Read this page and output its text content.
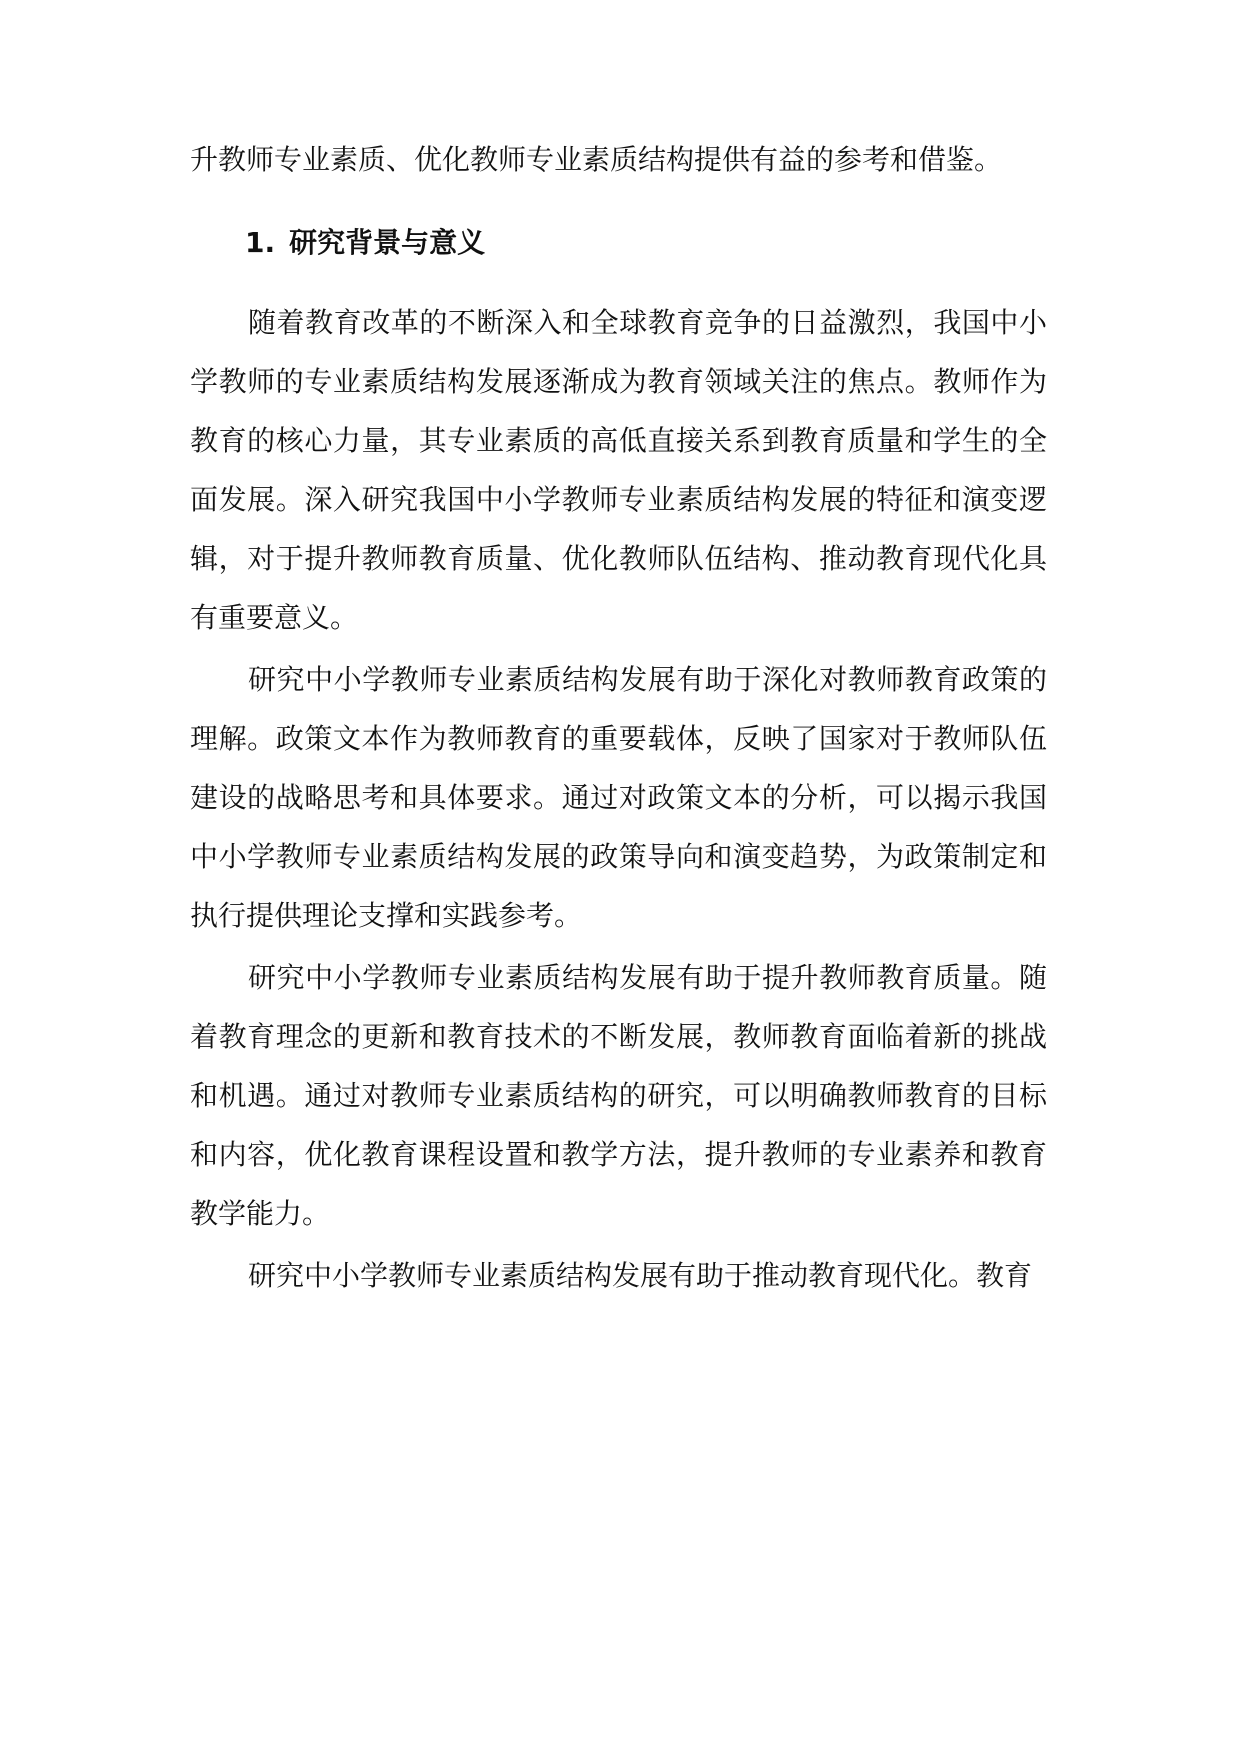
升教师专业素质、优化教师专业素质结构提供有益的参考和借鉴。

1. 研究背景与意义

随着教育改革的不断深入和全球教育竞争的日益激烈，我国中小学教师的专业素质结构发展逐渐成为教育领域关注的焦点。教师作为教育的核心力量，其专业素质的高低直接关系到教育质量和学生的全面发展。深入研究我国中小学教师专业素质结构发展的特征和演变逻辑，对于提升教师教育质量、优化教师队伍结构、推动教育现代化具有重要意义。

研究中小学教师专业素质结构发展有助于深化对教师教育政策的理解。政策文本作为教师教育的重要载体，反映了国家对于教师队伍建设的战略思考和具体要求。通过对政策文本的分析，可以揭示我国中小学教师专业素质结构发展的政策导向和演变趋势，为政策制定和执行提供理论支撑和实践参考。

研究中小学教师专业素质结构发展有助于提升教师教育质量。随着教育理念的更新和教育技术的不断发展，教师教育面临着新的挑战和机遇。通过对教师专业素质结构的研究，可以明确教师教育的目标和内容，优化教育课程设置和教学方法，提升教师的专业素养和教育教学能力。

研究中小学教师专业素质结构发展有助于推动教育现代化。教育
